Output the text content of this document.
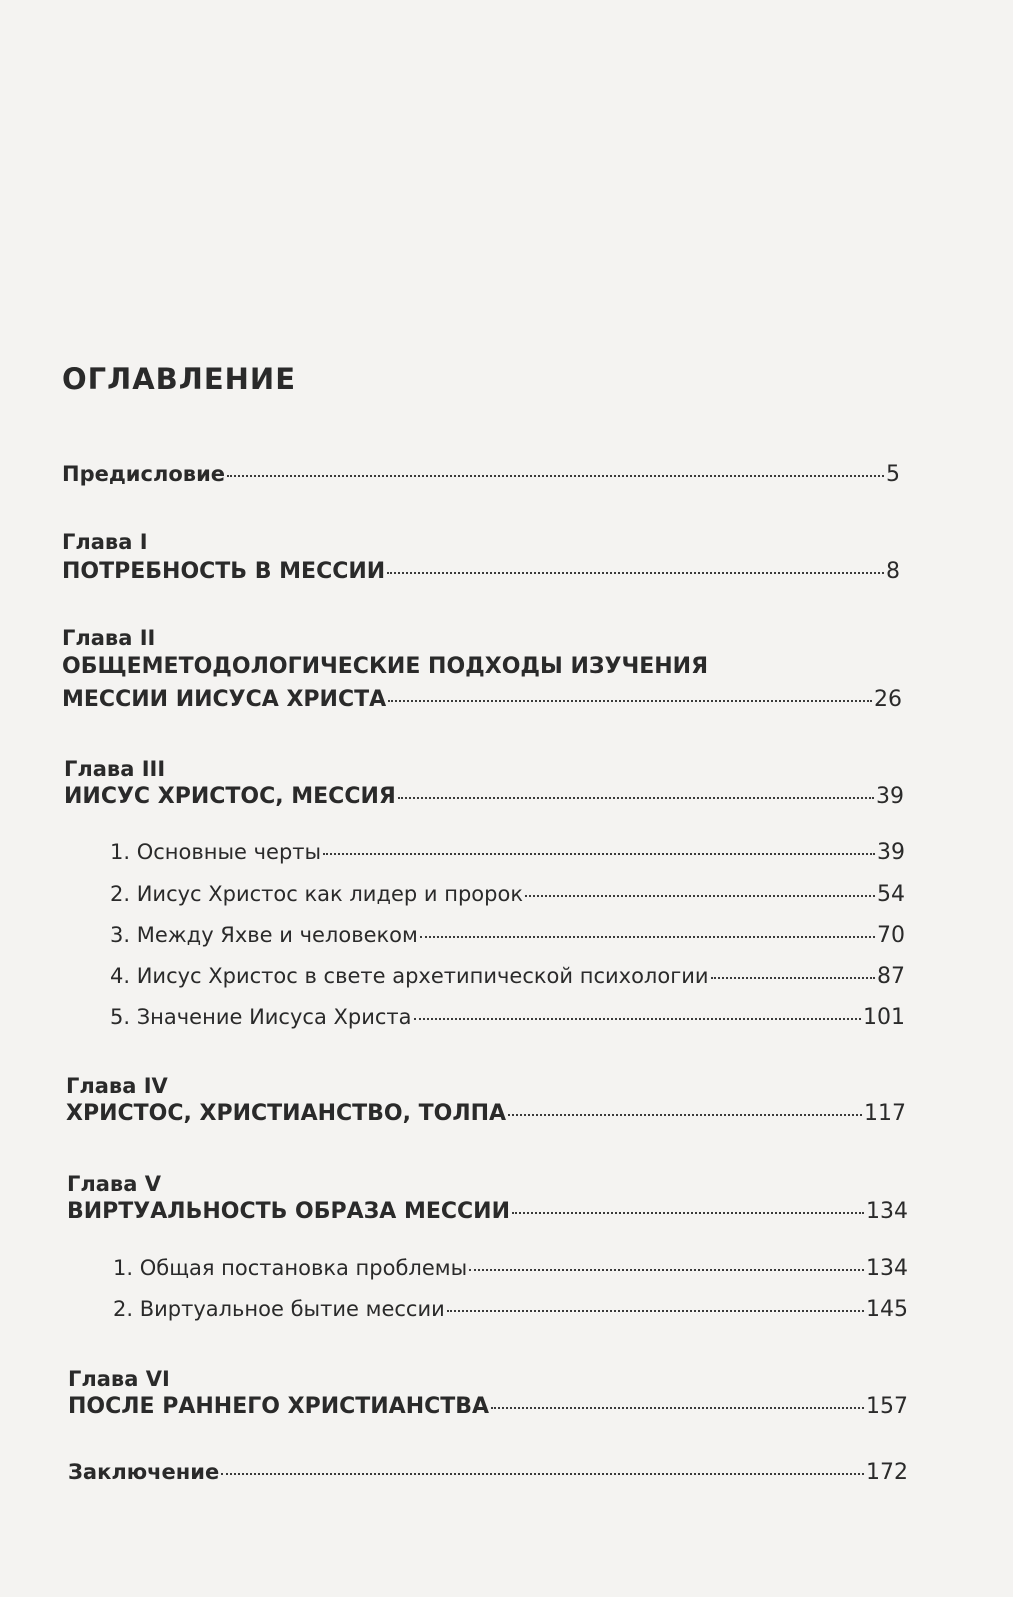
ОГЛАВЛЕНИЕ
Предисловие	5
Глава I
ПОТРЕБНОСТЬ В МЕССИИ	8
Глава II
ОБЩЕМЕТОДОЛОГИЧЕСКИЕ ПОДХОДЫ ИЗУЧЕНИЯ
МЕССИИ ИИСУСА ХРИСТА	26
Глава III
ИИСУС ХРИСТОС, МЕССИЯ	39
1. Основные черты	39
2. Иисус Христос как лидер и пророк	54
3. Между Яхве и человеком	70
4. Иисус Христос в свете архетипической психологии	87
5. Значение Иисуса Христа	101
Глава IV
ХРИСТОС, ХРИСТИАНСТВО, ТОЛПА	117
Глава V
ВИРТУАЛЬНОСТЬ ОБРАЗА МЕССИИ	134
1. Общая постановка проблемы	134
2. Виртуальное бытие мессии	145
Глава VI
ПОСЛЕ РАННЕГО ХРИСТИАНСТВА	157
Заключение	172
